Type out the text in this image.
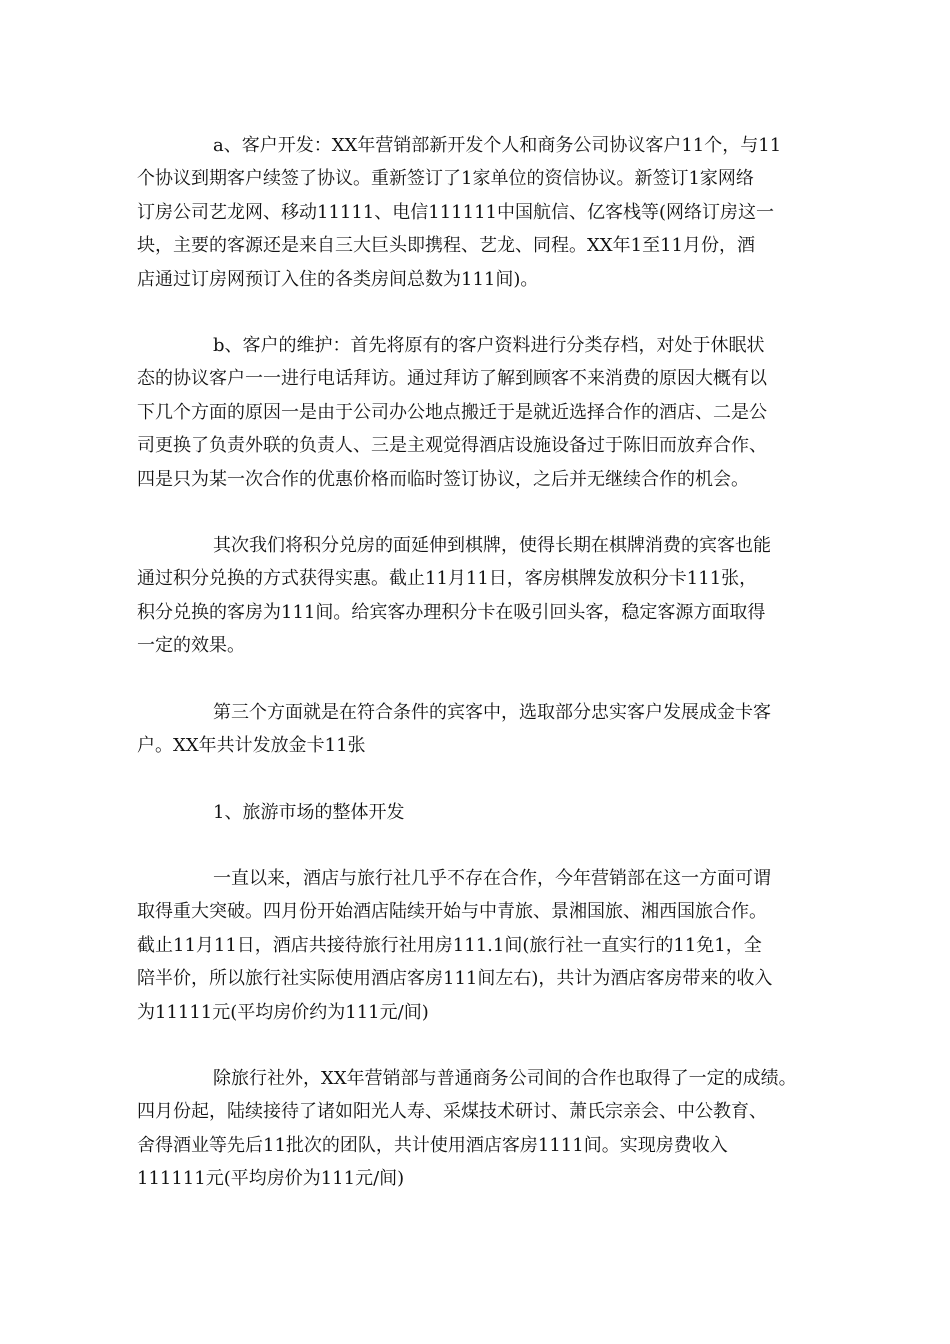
a、客户开发：XX年营销部新开发个人和商务公司协议客户11个，与11
个协议到期客户续签了协议。重新签订了1家单位的资信协议。新签订1家网络
订房公司艺龙网、移动11111、电信111111中国航信、亿客栈等(网络订房这一
块，主要的客源还是来自三大巨头即携程、艺龙、同程。XX年1至11月份，酒
店通过订房网预订入住的各类房间总数为111间)。

b、客户的维护：首先将原有的客户资料进行分类存档，对处于休眠状
态的协议客户一一进行电话拜访。通过拜访了解到顾客不来消费的原因大概有以
下几个方面的原因一是由于公司办公地点搬迁于是就近选择合作的酒店、二是公
司更换了负责外联的负责人、三是主观觉得酒店设施设备过于陈旧而放弃合作、
四是只为某一次合作的优惠价格而临时签订协议，之后并无继续合作的机会。

其次我们将积分兑房的面延伸到棋牌，使得长期在棋牌消费的宾客也能
通过积分兑换的方式获得实惠。截止11月11日，客房棋牌发放积分卡111张，
积分兑换的客房为111间。给宾客办理积分卡在吸引回头客，稳定客源方面取得
一定的效果。

第三个方面就是在符合条件的宾客中，选取部分忠实客户发展成金卡客
户。XX年共计发放金卡11张

1、旅游市场的整体开发

一直以来，酒店与旅行社几乎不存在合作，今年营销部在这一方面可谓
取得重大突破。四月份开始酒店陆续开始与中青旅、景湘国旅、湘西国旅合作。
截止11月11日，酒店共接待旅行社用房111.1间(旅行社一直实行的11免1，全
陪半价，所以旅行社实际使用酒店客房111间左右)，共计为酒店客房带来的收入
为11111元(平均房价约为111元/间)

除旅行社外，XX年营销部与普通商务公司间的合作也取得了一定的成绩。
四月份起，陆续接待了诸如阳光人寿、采煤技术研讨、萧氏宗亲会、中公教育、
舍得酒业等先后11批次的团队，共计使用酒店客房1111间。实现房费收入
111111元(平均房价为111元/间)
